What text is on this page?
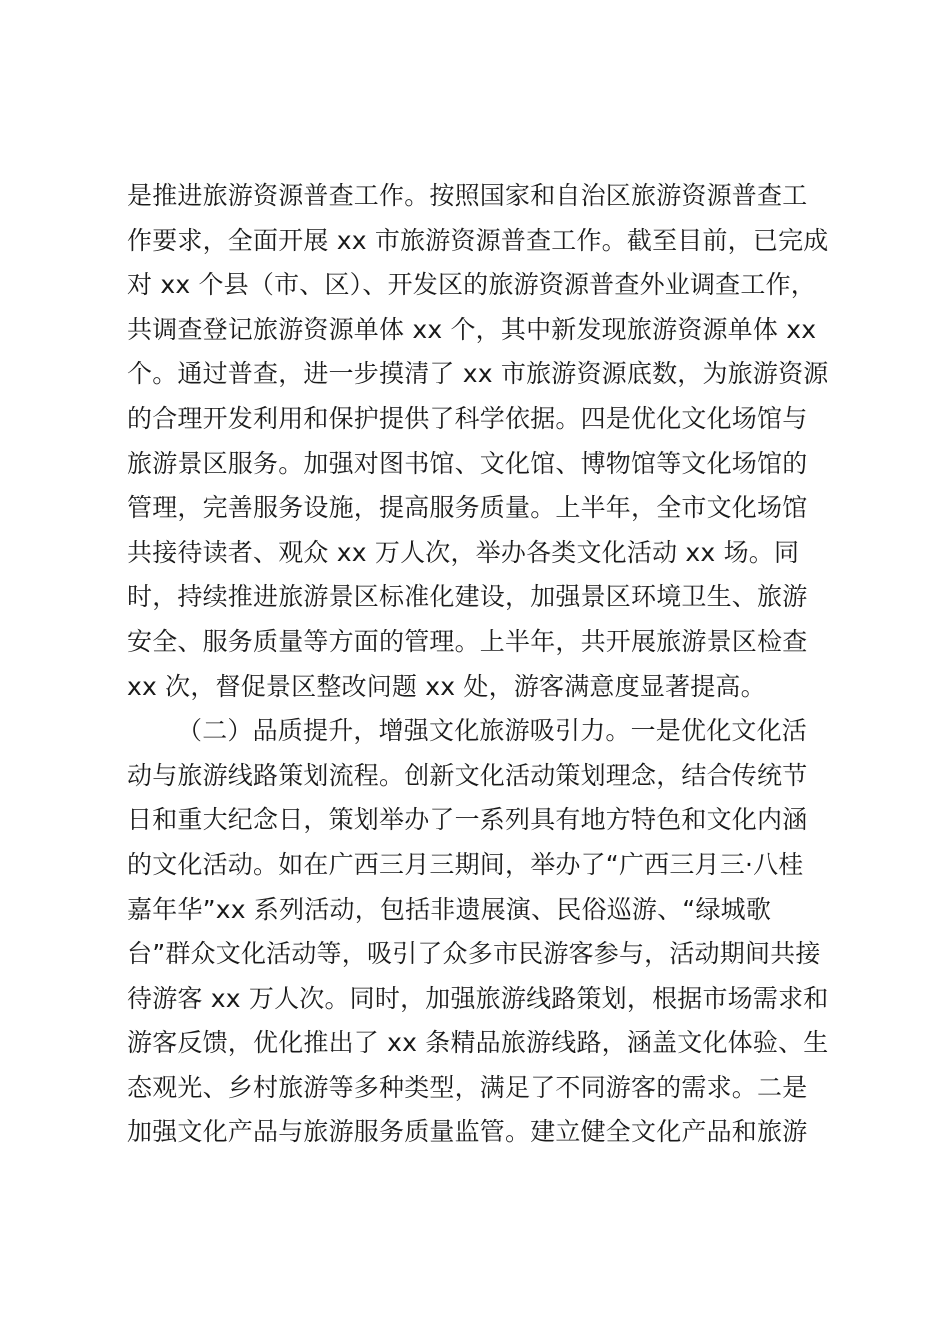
是推进旅游资源普查工作。按照国家和自治区旅游资源普查工
作要求，全面开展 xx 市旅游资源普查工作。截至目前，已完成
对 xx 个县（市、区）、开发区的旅游资源普查外业调查工作，
共调查登记旅游资源单体 xx 个，其中新发现旅游资源单体 xx
个。通过普查，进一步摸清了 xx 市旅游资源底数，为旅游资源
的合理开发利用和保护提供了科学依据。四是优化文化场馆与
旅游景区服务。加强对图书馆、文化馆、博物馆等文化场馆的
管理，完善服务设施，提高服务质量。上半年，全市文化场馆
共接待读者、观众 xx 万人次，举办各类文化活动 xx 场。同
时，持续推进旅游景区标准化建设，加强景区环境卫生、旅游
安全、服务质量等方面的管理。上半年，共开展旅游景区检查
xx 次，督促景区整改问题 xx 处，游客满意度显著提高。
（二）品质提升，增强文化旅游吸引力。一是优化文化活
动与旅游线路策划流程。创新文化活动策划理念，结合传统节
日和重大纪念日，策划举办了一系列具有地方特色和文化内涵
的文化活动。如在广西三月三期间，举办了“广西三月三·八桂
嘉年华”xx 系列活动，包括非遗展演、民俗巡游、“绿城歌
台”群众文化活动等，吸引了众多市民游客参与，活动期间共接
待游客 xx 万人次。同时，加强旅游线路策划，根据市场需求和
游客反馈，优化推出了 xx 条精品旅游线路，涵盖文化体验、生
态观光、乡村旅游等多种类型，满足了不同游客的需求。二是
加强文化产品与旅游服务质量监管。建立健全文化产品和旅游
